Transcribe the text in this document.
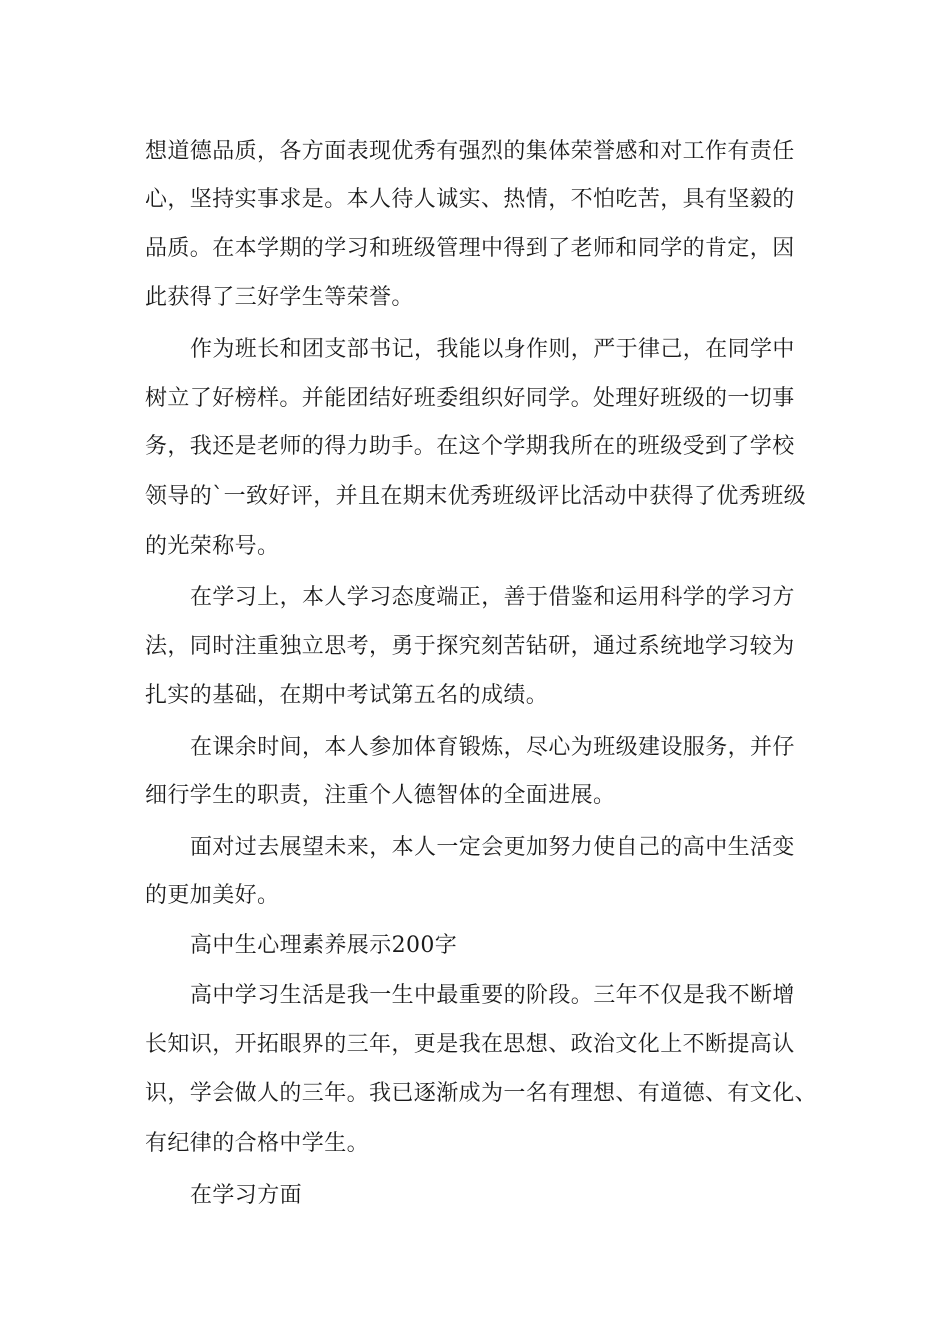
想道德品质，各方面表现优秀有强烈的集体荣誉感和对工作有责任
心，坚持实事求是。本人待人诚实、热情，不怕吃苦，具有坚毅的
品质。在本学期的学习和班级管理中得到了老师和同学的肯定，因
此获得了三好学生等荣誉。
作为班长和团支部书记，我能以身作则，严于律己，在同学中
树立了好榜样。并能团结好班委组织好同学。处理好班级的一切事
务，我还是老师的得力助手。在这个学期我所在的班级受到了学校
领导的`一致好评，并且在期末优秀班级评比活动中获得了优秀班级
的光荣称号。
在学习上，本人学习态度端正，善于借鉴和运用科学的学习方
法，同时注重独立思考，勇于探究刻苦钻研，通过系统地学习较为
扎实的基础，在期中考试第五名的成绩。
在课余时间，本人参加体育锻炼，尽心为班级建设服务，并仔
细行学生的职责，注重个人德智体的全面进展。
面对过去展望未来，本人一定会更加努力使自己的高中生活变
的更加美好。
高中生心理素养展示200字
高中学习生活是我一生中最重要的阶段。三年不仅是我不断增
长知识，开拓眼界的三年，更是我在思想、政治文化上不断提高认
识，学会做人的三年。我已逐渐成为一名有理想、有道德、有文化、
有纪律的合格中学生。
在学习方面
